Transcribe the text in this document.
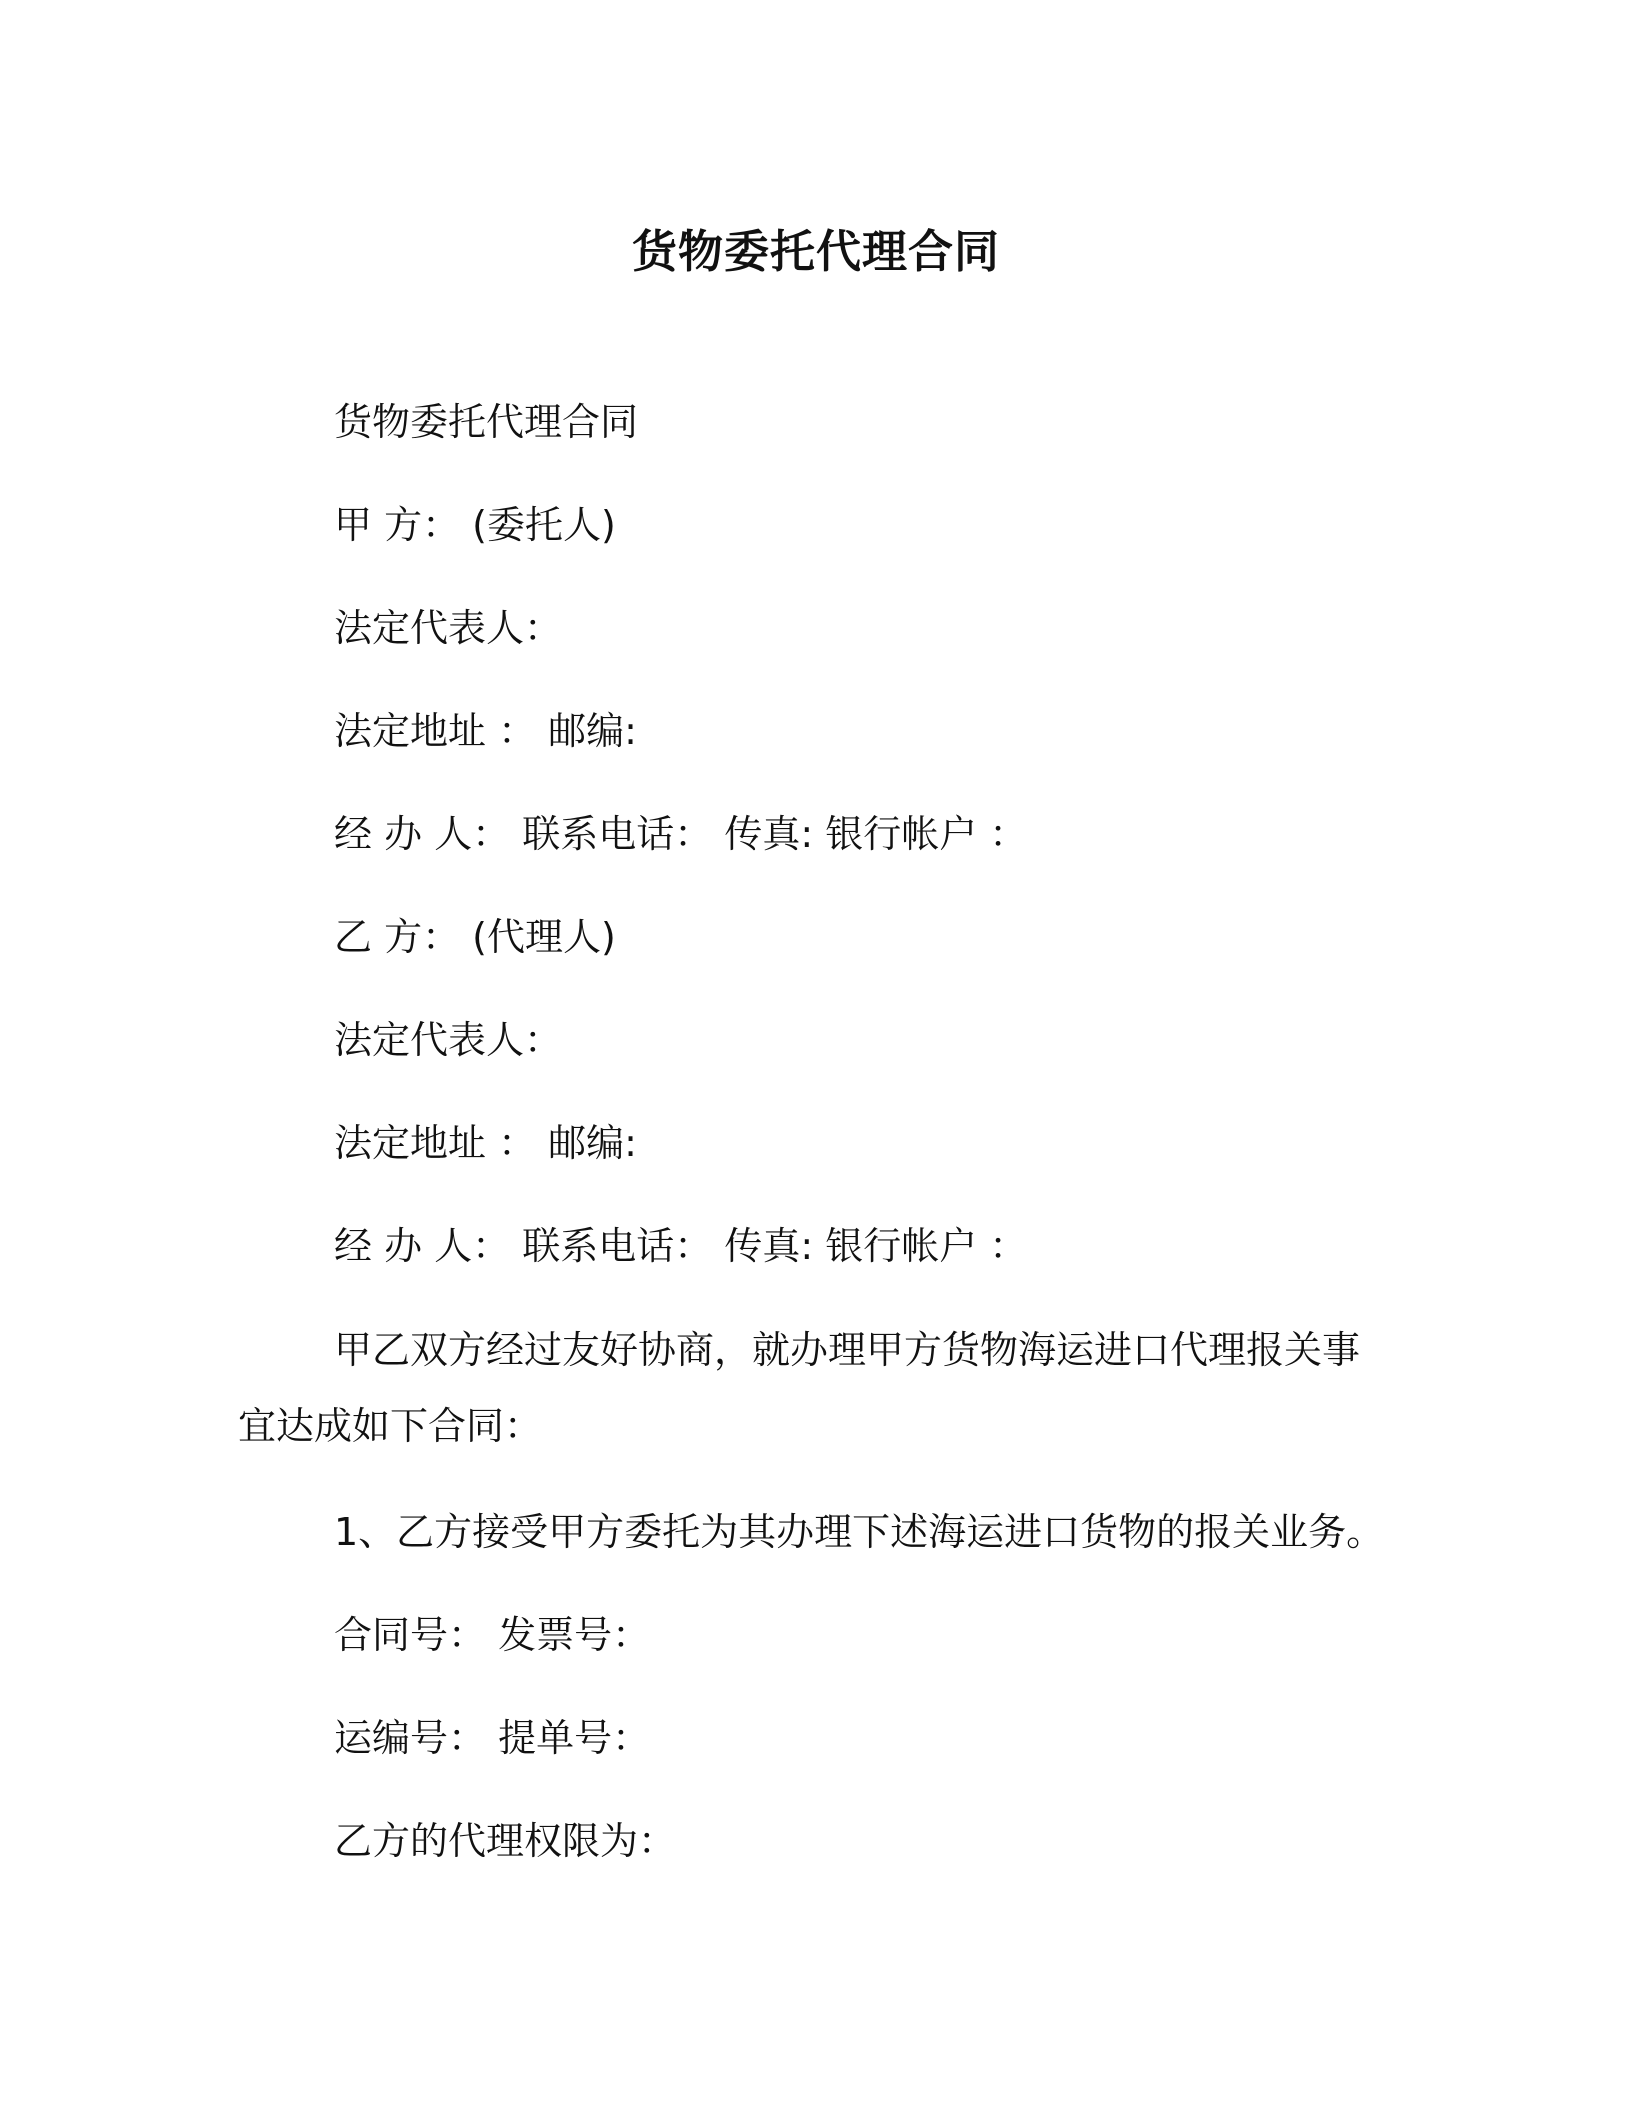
货物委托代理合同
货物委托代理合同
甲 方： (委托人)
法定代表人：
法定地址 ： 邮编:
经 办 人： 联系电话： 传真: 银行帐户 ：
乙 方： (代理人)
法定代表人：
法定地址 ： 邮编:
经 办 人： 联系电话： 传真: 银行帐户 ：

甲乙双方经过友好协商，就办理甲方货物海运进口代理报关事宜达成如下合同：

1、乙方接受甲方委托为其办理下述海运进口货物的报关业务。
合同号： 发票号：
运编号： 提单号：
乙方的代理权限为：
